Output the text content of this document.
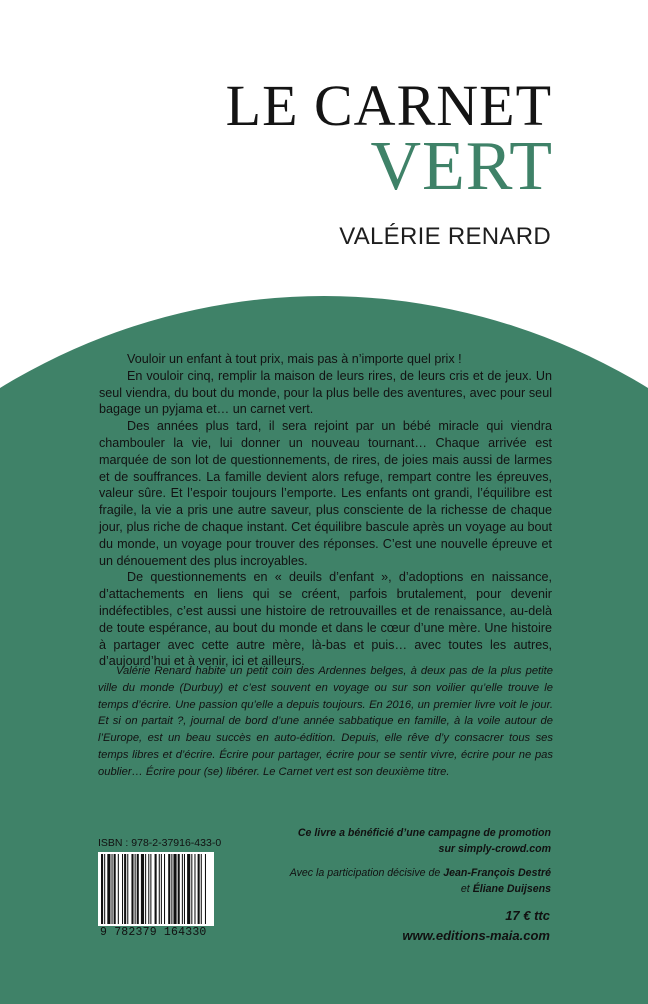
LE CARNET
VERT
VALÉRIE RENARD

Vouloir un enfant à tout prix, mais pas à n’importe quel prix !

En vouloir cinq, remplir la maison de leurs rires, de leurs cris et de jeux. Un seul viendra, du bout du monde, pour la plus belle des aventures, avec pour seul bagage un pyjama et… un carnet vert.

Des années plus tard, il sera rejoint par un bébé miracle qui viendra chambouler la vie, lui donner un nouveau tournant… Chaque arrivée est marquée de son lot de questionnements, de rires, de joies mais aussi de larmes et de souffrances. La famille devient alors refuge, rempart contre les épreuves, valeur sûre. Et l’espoir toujours l’emporte. Les enfants ont grandi, l’équilibre est fragile, la vie a pris une autre saveur, plus consciente de la richesse de chaque jour, plus riche de chaque instant. Cet équilibre bascule après un voyage au bout du monde, un voyage pour trouver des réponses. C’est une nouvelle épreuve et un dénouement des plus incroyables.

De questionnements en « deuils d’enfant », d’adoptions en naissance, d’attachements en liens qui se créent, parfois brutalement, pour devenir indéfectibles, c’est aussi une histoire de retrouvailles et de renaissance, au-delà de toute espérance, au bout du monde et dans le cœur d’une mère. Une histoire à partager avec cette autre mère, là-bas et puis… avec toutes les autres, d’aujourd’hui et à venir, ici et ailleurs.

Valérie Renard habite un petit coin des Ardennes belges, à deux pas de la plus petite ville du monde (Durbuy) et c’est souvent en voyage ou sur son voilier qu’elle trouve le temps d’écrire. Une passion qu’elle a depuis toujours. En 2016, un premier livre voit le jour. Et si on partait ?, journal de bord d’une année sabbatique en famille, à la voile autour de l’Europe, est un beau succès en auto-édition. Depuis, elle rêve d’y consacrer tous ses temps libres et d’écrire. Écrire pour partager, écrire pour se sentir vivre, écrire pour ne pas oublier… Écrire pour (se) libérer. Le Carnet vert est son deuxième titre.
ISBN : 978-2-37916-433-0
9 782379 164330
Ce livre a bénéficié d’une campagne de promotion
sur simply-crowd.com
Avec la participation décisive de Jean-François Destré
et Éliane Duijsens
17 € ttc
www.editions-maia.com
